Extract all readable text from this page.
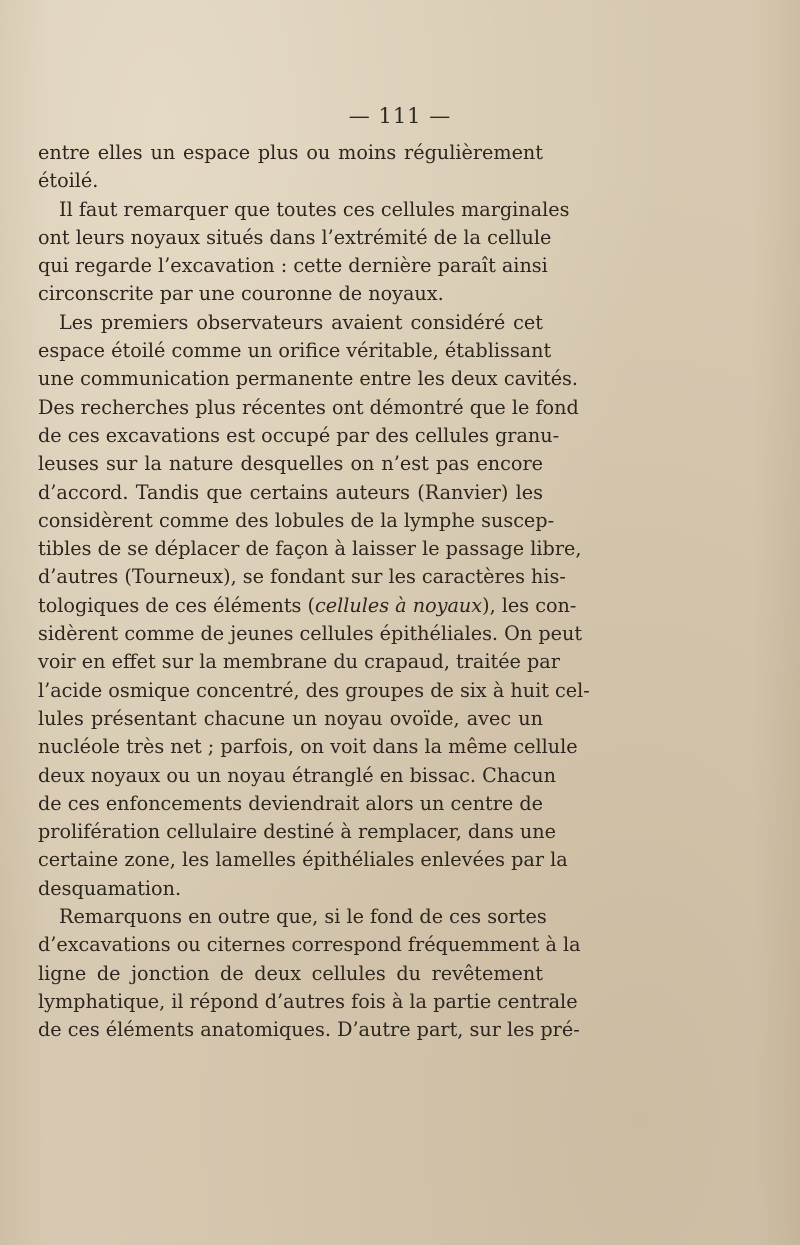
— 111 —
entre elles un espace plus ou moins régulièrement
étoilé.
Il faut remarquer que toutes ces cellules marginales
ont leurs noyaux situés dans l’extrémité de la cellule
qui regarde l’excavation : cette dernière paraît ainsi
circonscrite par une couronne de noyaux.
Les premiers observateurs avaient considéré cet
espace étoilé comme un orifice véritable, établissant
une communication permanente entre les deux cavités.
Des recherches plus récentes ont démontré que le fond
de ces excavations est occupé par des cellules granu-
leuses sur la nature desquelles on n’est pas encore
d’accord. Tandis que certains auteurs (Ranvier) les
considèrent comme des lobules de la lymphe suscep-
tibles de se déplacer de façon à laisser le passage libre,
d’autres (Tourneux), se fondant sur les caractères his-
tologiques de ces éléments (cellules à noyaux), les con-
sidèrent comme de jeunes cellules épithéliales. On peut
voir en effet sur la membrane du crapaud, traitée par
l’acide osmique concentré, des groupes de six à huit cel-
lules présentant chacune un noyau ovoïde, avec un
nucléole très net ; parfois, on voit dans la même cellule
deux noyaux ou un noyau étranglé en bissac. Chacun
de ces enfoncements deviendrait alors un centre de
prolifération cellulaire destiné à remplacer, dans une
certaine zone, les lamelles épithéliales enlevées par la
desquamation.
Remarquons en outre que, si le fond de ces sortes
d’excavations ou citernes correspond fréquemment à la
ligne de jonction de deux cellules du revêtement
lymphatique, il répond d’autres fois à la partie centrale
de ces éléments anatomiques. D’autre part, sur les pré-
